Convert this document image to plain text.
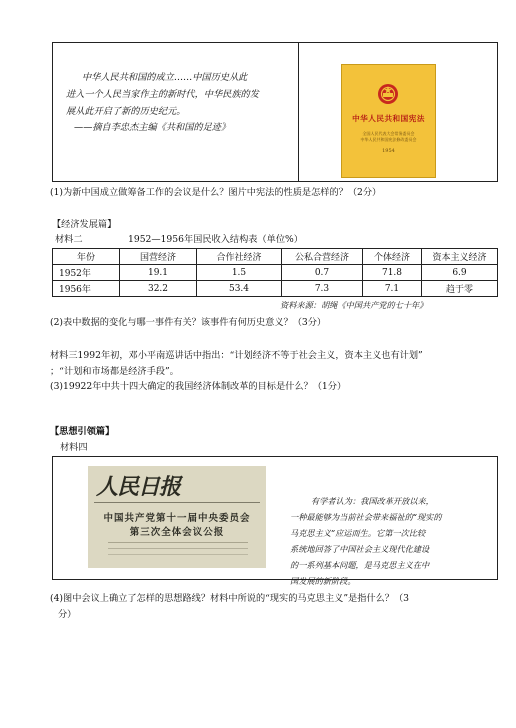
中华人民共和国的成立……中国历史从此
进入一个人民当家作主的新时代，中华民族的发
展从此开启了新的历史纪元。
——摘自李忠杰主编《共和国的足迹》
中华人民共和国宪法
全国人民代表大会常务委员会
中华人民共和国宪法修改委员会
1954
(1)为新中国成立做筹备工作的会议是什么？图片中宪法的性质是怎样的？（2分）
【经济发展篇】
材料二	1952—1956年国民收入结构表（单位%）
年份	国营经济	合作社经济	公私合营经济	个体经济	资本主义经济
1952年	19.1	1.5	0.7	71.8	6.9
1956年	32.2	53.4	7.3	7.1	趋于零
资料来源：胡绳《中国共产党的七十年》
(2)表中数据的变化与哪一事件有关？该事件有何历史意义？（3分）
材料三1992年初，邓小平南巡讲话中指出：“计划经济不等于社会主义，资本主义也有计划”
；“计划和市场都是经济手段”。
(3)19922年中共十四大确定的我国经济体制改革的目标是什么？（1分）
【思想引领篇】
材料四
人民日报
中国共产党第十一届中央委员会
第三次全体会议公报
有学者认为：我国改革开放以来，
一种最能够为当前社会带来福祉的“现实的
马克思主义”应运而生。它第一次比较
系统地回答了中国社会主义现代化建设
的一系列基本问题，是马克思主义在中
国发展的新阶段。
(4)图中会议上确立了怎样的思想路线？材料中所说的“现实的马克思主义”是指什么？（3
分）
